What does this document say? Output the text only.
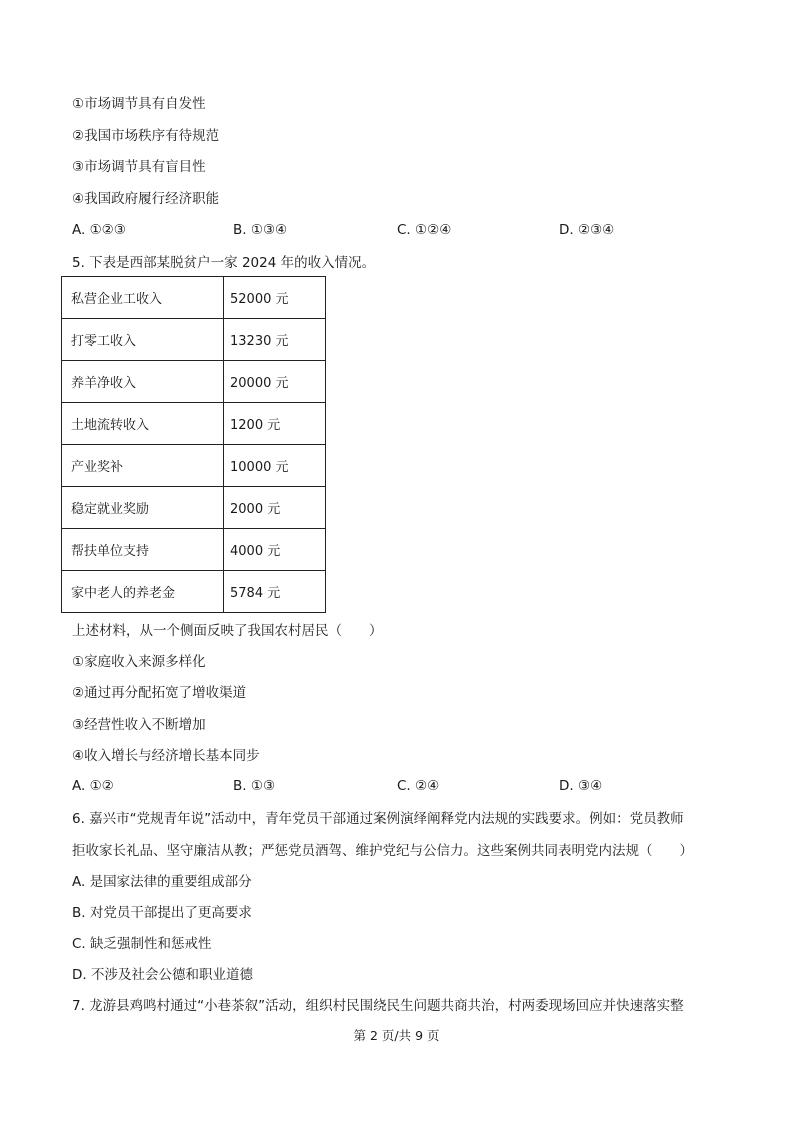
①市场调节具有自发性
②我国市场秩序有待规范
③市场调节具有盲目性
④我国政府履行经济职能
A. ①②③	B. ①③④	C. ①②④	D. ②③④
5. 下表是西部某脱贫户一家 2024 年的收入情况。
私营企业工收入	52000 元
打零工收入	13230 元
养羊净收入	20000 元
土地流转收入	1200 元
产业奖补	10000 元
稳定就业奖励	2000 元
帮扶单位支持	4000 元
家中老人的养老金	5784 元
上述材料，从一个侧面反映了我国农村居民（　　）
①家庭收入来源多样化
②通过再分配拓宽了增收渠道
③经营性收入不断增加
④收入增长与经济增长基本同步
A. ①②	B. ①③	C. ②④	D. ③④
6. 嘉兴市“党规青年说”活动中，青年党员干部通过案例演绎阐释党内法规的实践要求。例如：党员教师
拒收家长礼品、坚守廉洁从教；严惩党员酒驾、维护党纪与公信力。这些案例共同表明党内法规（　　）
A. 是国家法律的重要组成部分
B. 对党员干部提出了更高要求
C. 缺乏强制性和惩戒性
D. 不涉及社会公德和职业道德
7. 龙游县鸡鸣村通过“小巷茶叙”活动，组织村民围绕民生问题共商共治，村两委现场回应并快速落实整
第 2 页/共 9 页
